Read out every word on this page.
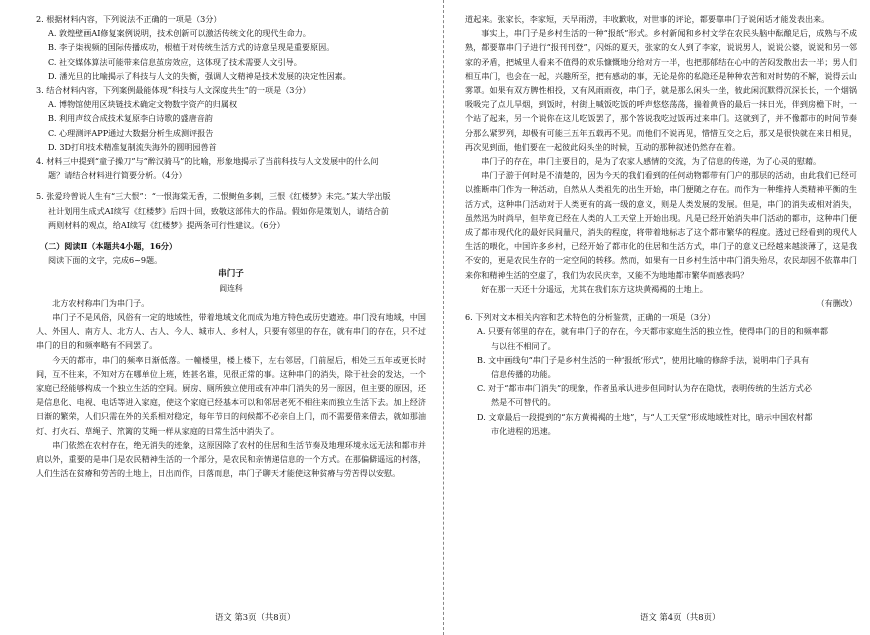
2. 根据材料内容，下列说法不正确的一项是（3分）

A. 敦煌壁画AI修复案例说明，技术创新可以激活传统文化的现代生命力。

B. 李子柒视频的国际传播成功，根植于对传统生活方式的诗意呈现是重要原因。

C. 社交媒体算法可能带来信息茧房效应，这体现了技术需要人文引导。

D. 潘光旦的比喻揭示了科技与人文的失衡，强调人文精神是技术发展的决定性因素。

3. 结合材料内容，下列案例最能体现“科技与人文深度共生”的一项是（3分）

A. 博物馆使用区块链技术确定文物数字资产的归属权

B. 利用声纹合成技术复原李白诗歌的盛唐音韵

C. 心理测评APP通过大数据分析生成测评报告

D. 3D打印技术精准复制流失海外的圆明园兽首

4. 材料三中提到“童子操刀”与“醉汉骑马”的比喻，形象地揭示了当前科技与人文发展中的什么问

题？请结合材料进行简要分析。（4分）

5. 张爱玲曾说人生有“三大恨”：“一恨海棠无香，二恨鲥鱼多刺，三恨《红楼梦》未完。”某大学出版

社计划用生成式AI续写《红楼梦》后四十回，致敬这部伟大的作品。假如你是策划人，请结合前

两则材料的观点，给AI续写《红楼梦》提两条可行性建议。（6分）

（二）阅读Ⅱ（本题共4小题，16分）

阅读下面的文字，完成6~9题。

串门子

阎连科

北方农村称串门为串门子。

串门子不是风俗，风俗有一定的地域性，带着地域文化而成为地方特色或历史遗迹。串门没有地域，中国人、外国人、南方人、北方人、古人、今人、城市人、乡村人，只要有邻里的存在，就有串门的存在，只不过串门的目的和频率略有不同罢了。

今天的都市，串门的频率日渐低落。一幢楼里，楼上楼下，左右邻居，门前屋后，相处三五年或更长时间，互不往来，不知对方在哪单位上班，姓甚名谁，见很正常的事。这种串门的消失，除于社会的发达，一个家庭已经能够构成一个独立生活的空间。厨房、厕所独立使用或有冲串门消失的另一原因，但主要的原因，还是信息化、电视、电话等进入家庭，使这个家庭已经基本可以和邻居老死不相往来而独立生活下去。加上经济日渐的繁荣，人们只需在外的关系相对稳定，每年节日的问候都不必亲自上门，而不需要借来借去，就如那油灯、打火石、草绳子、笊篱的艾绳一样从家庭的日常生活中消失了。

串门依然在农村存在，绝无消失的迹象，这原因除了农村的住居和生活节奏及地理环境永远无法和都市并肩以外，重要的是串门是农民精神生活的一个部分，是农民和亲情递信息的一个方式。在那偏僻遥远的村落，人们生活在贫瘠和劳苦的土地上，日出而作，日落而息，串门子聊天才能使这种贫瘠与劳苦得以安慰。

道起来。张家长，李家短，天早雨涝，丰收歉收，对世事的评论，都要靠串门子说闲话才能发表出来。

事实上，串门子是乡村生活的一种“报纸”形式。乡村新闻和乡村文学在农民头脑中酝酿足后，成熟与不成熟，都要靠串门子进行“报刊刊登”，闪烁的夏天，张家的女人到了李家，说说男人，说说公婆，说说和另一邻家的矛盾，把城里人看来不值得的欢乐慷慨地分给对方一半，也把那郁结在心中的苦闷发散出去一半；男人们相互串门，也会在一起，兴趣所至，把有感动的事，无论是你的私隐还是种种农苦和对时势的不解，说得云山雾罩。如果有双方脾性相投，又有风雨雨夜，串门子，就是那么闲头一坐，彼此闲沉默得沉深长长，一个烟锅吸吸完了点儿旱烟，到饭时，村街上喊饭吃饭的呼声悠悠荡荡，揣着黄昏的最后一抹日光，伴到房檐下时，一个站了起来，另一个说你在这儿吃饭罢了，那个答说我吃过饭再过来串门。这就到了，并不像都市的时间节奏分那么紧罗列，却极有可能三五年五载再不见。而他们不说再见，惜惜互交之后，那又是很快就在来日相見，再次见到面，他们要在一起彼此闷头坐的时候，互动的那种叙述仍然存在着。

串门子的存在，串门主要目的，是为了农家人感情的交流，为了信息的传递，为了心灵的慰藉。

串门子游于何时是不清楚的，因为今天的我们看到的任何动物都带有门户的那层的活动，由此我们已经可以推断串门作为一种活动，自然从人类祖先的出生开始，串门便随之存在。而作为一种维持人类精神平衡的生活方式，这种串门活动对于人类更有的高一级的意义，则是人类发展的发展。但是，串门的消失或相对消失，虽然迅为时尚早，但毕竟已经在人类的人工天堂上开始出现。凡是已经开始消失串门活动的都市，这种串门便成了都市现代化的最好民间量尺，消失的程度，将带着地标志了这个都市繁华的程度。透过已经看到的现代人生活的喂化，中国许多乡村，已经开始了都市化的住居和生活方式，串门子的意义已经越来越淡薄了，这是我不安的，更是农民生存的一定空间的转移。然而，如果有一日乡村生活中串门消失殆尽，农民却因不依靠串门来你和精神生活的空虚了，我们为农民庆幸，又能不为地地都市繁华而感表吗？

好在那一天还十分遥远，尤其在我们东方这块黄褐褐的土地上。

（有删改）

6. 下列对文本相关内容和艺术特色的分析鉴赏，正确的一项是（3分）

A. 只要有邻里的存在，就有串门子的存在，今天都市家庭生活的独立性，使得串门的目的和频率都

与以往不相同了。

B. 文中画线句“串门子是乡村生活的一种‘报纸’形式”，使用比喻的修辞手法，说明串门子具有

信息传播的功能。

C. 对于“都市串门消失”的现象，作者虽承认进步但同时认为存在隐忧，表明传统的生活方式必

然是不可替代的。

D. 文章最后一段提到的“东方黄褐褐的土地”，与“人工天堂”形成地域性对比，暗示中国农村都

市化进程的迅速。

语文 第3页（共8页）	语文 第4页（共8页）
